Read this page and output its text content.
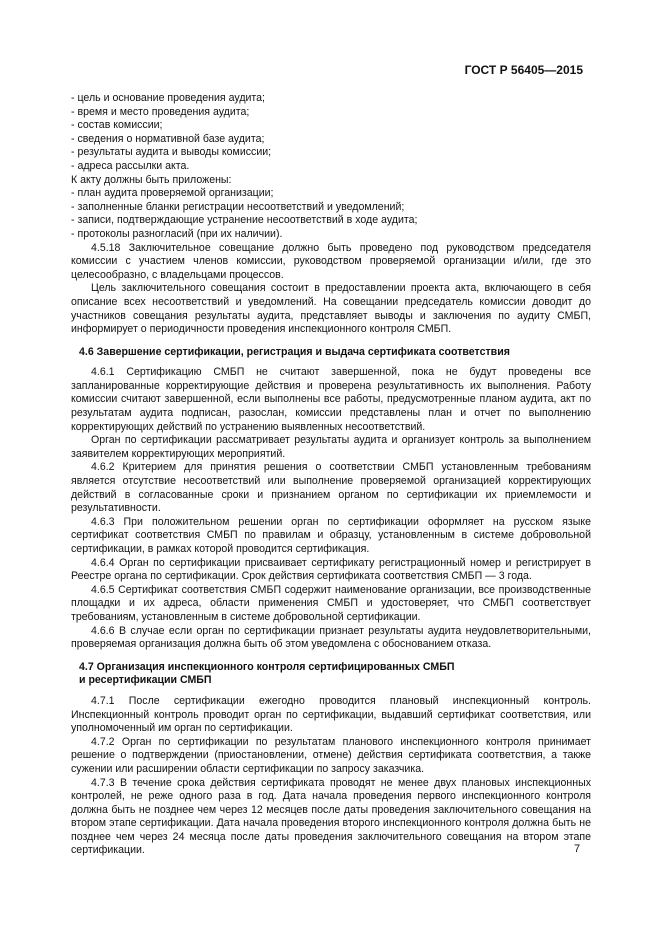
ГОСТ Р 56405—2015
- цель и основание проведения аудита;
- время и место проведения аудита;
- состав комиссии;
- сведения о нормативной базе аудита;
- результаты аудита и выводы комиссии;
- адреса рассылки акта.
К акту должны быть приложены:
- план аудита проверяемой организации;
- заполненные бланки регистрации несоответствий и уведомлений;
- записи, подтверждающие устранение несоответствий в ходе аудита;
- протоколы разногласий (при их наличии).

4.5.18 Заключительное совещание должно быть проведено под руководством председателя комиссии с участием членов комиссии, руководством проверяемой организации и/или, где это целесообразно, с владельцами процессов.

Цель заключительного совещания состоит в предоставлении проекта акта, включающего в себя описание всех несоответствий и уведомлений. На совещании председатель комиссии доводит до участников совещания результаты аудита, представляет выводы и заключения по аудиту СМБП, информирует о периодичности проведения инспекционного контроля СМБП.

4.6 Завершение сертификации, регистрация и выдача сертификата соответствия

4.6.1 Сертификацию СМБП не считают завершенной, пока не будут проведены все запланированные корректирующие действия и проверена результативность их выполнения. Работу комиссии считают завершенной, если выполнены все работы, предусмотренные планом аудита, акт по результатам аудита подписан, разослан, комиссии представлены план и отчет по выполнению корректирующих действий по устранению выявленных несоответствий.

Орган по сертификации рассматривает результаты аудита и организует контроль за выполнением заявителем корректирующих мероприятий.

4.6.2 Критерием для принятия решения о соответствии СМБП установленным требованиям является отсутствие несоответствий или выполнение проверяемой организацией корректирующих действий в согласованные сроки и признанием органом по сертификации их приемлемости и результативности.

4.6.3 При положительном решении орган по сертификации оформляет на русском языке сертификат соответствия СМБП по правилам и образцу, установленным в системе добровольной сертификации, в рамках которой проводится сертификация.

4.6.4 Орган по сертификации присваивает сертификату регистрационный номер и регистрирует в Реестре органа по сертификации. Срок действия сертификата соответствия СМБП — 3 года.

4.6.5 Сертификат соответствия СМБП содержит наименование организации, все производственные площадки и их адреса, области применения СМБП и удостоверяет, что СМБП соответствует требованиям, установленным в системе добровольной сертификации.

4.6.6 В случае если орган по сертификации признает результаты аудита неудовлетворительными, проверяемая организация должна быть об этом уведомлена с обоснованием отказа.

4.7 Организация инспекционного контроля сертифицированных СМБП
и ресертификации СМБП

4.7.1 После сертификации ежегодно проводится плановый инспекционный контроль. Инспекционный контроль проводит орган по сертификации, выдавший сертификат соответствия, или уполномоченный им орган по сертификации.

4.7.2 Орган по сертификации по результатам планового инспекционного контроля принимает решение о подтверждении (приостановлении, отмене) действия сертификата соответствия, а также сужении или расширении области сертификации по запросу заказчика.

4.7.3 В течение срока действия сертификата проводят не менее двух плановых инспекционных контролей, не реже одного раза в год. Дата начала проведения первого инспекционного контроля должна быть не позднее чем через 12 месяцев после даты проведения заключительного совещания на втором этапе сертификации. Дата начала проведения второго инспекционного контроля должна быть не позднее чем через 24 месяца после даты проведения заключительного совещания на втором этапе сертификации.	7
